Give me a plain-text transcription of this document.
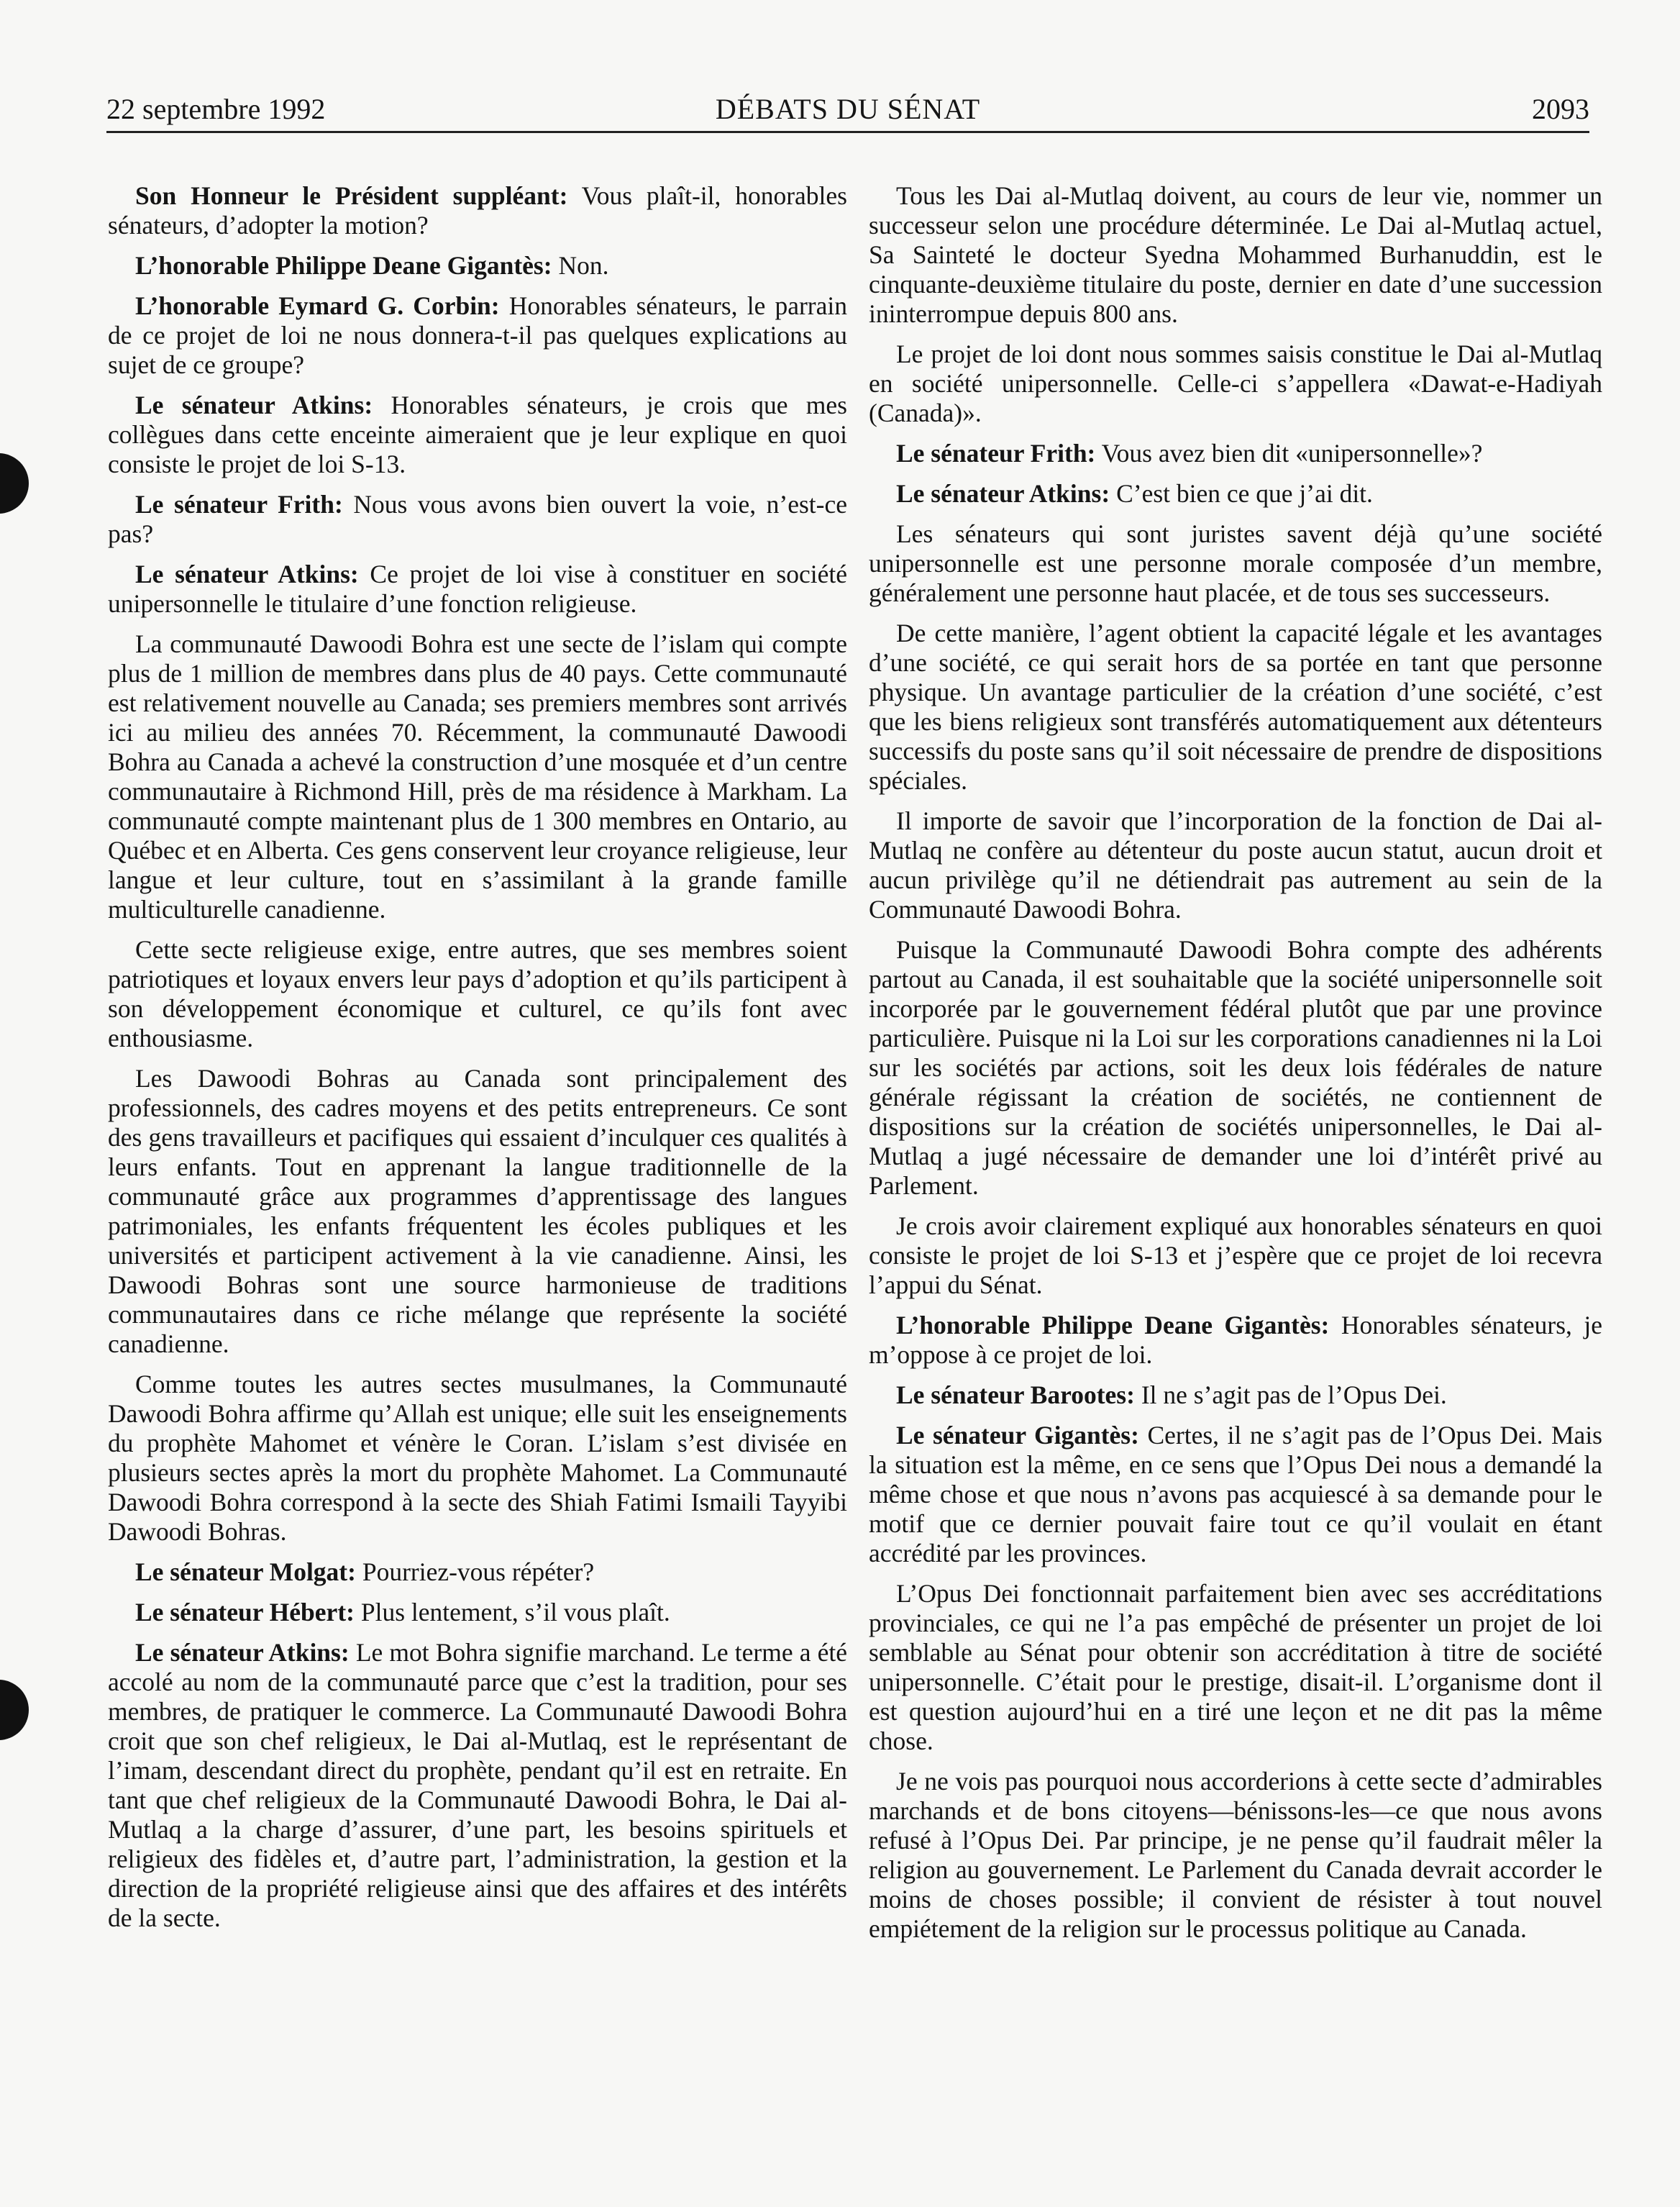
22 septembre 1992	DÉBATS DU SÉNAT	2093

Son Honneur le Président suppléant: Vous plaît-il, honorables sénateurs, d’adopter la motion?

L’honorable Philippe Deane Gigantès: Non.

L’honorable Eymard G. Corbin: Honorables sénateurs, le parrain de ce projet de loi ne nous donnera-t-il pas quelques explications au sujet de ce groupe?

Le sénateur Atkins: Honorables sénateurs, je crois que mes collègues dans cette enceinte aimeraient que je leur explique en quoi consiste le projet de loi S-13.

Le sénateur Frith: Nous vous avons bien ouvert la voie, n’est-ce pas?

Le sénateur Atkins: Ce projet de loi vise à constituer en société unipersonnelle le titulaire d’une fonction religieuse.

La communauté Dawoodi Bohra est une secte de l’islam qui compte plus de 1 million de membres dans plus de 40 pays. Cette communauté est relativement nouvelle au Canada; ses premiers membres sont arrivés ici au milieu des années 70. Récemment, la communauté Dawoodi Bohra au Canada a achevé la construction d’une mosquée et d’un centre communautaire à Richmond Hill, près de ma résidence à Markham. La communauté compte maintenant plus de 1 300 membres en Ontario, au Québec et en Alberta. Ces gens conservent leur croyance religieuse, leur langue et leur culture, tout en s’assimilant à la grande famille multiculturelle canadienne.

Cette secte religieuse exige, entre autres, que ses membres soient patriotiques et loyaux envers leur pays d’adoption et qu’ils participent à son développement économique et culturel, ce qu’ils font avec enthousiasme.

Les Dawoodi Bohras au Canada sont principalement des professionnels, des cadres moyens et des petits entrepreneurs. Ce sont des gens travailleurs et pacifiques qui essaient d’inculquer ces qualités à leurs enfants. Tout en apprenant la langue traditionnelle de la communauté grâce aux programmes d’apprentissage des langues patrimoniales, les enfants fréquentent les écoles publiques et les universités et participent activement à la vie canadienne. Ainsi, les Dawoodi Bohras sont une source harmonieuse de traditions communautaires dans ce riche mélange que représente la société canadienne.

Comme toutes les autres sectes musulmanes, la Communauté Dawoodi Bohra affirme qu’Allah est unique; elle suit les enseignements du prophète Mahomet et vénère le Coran. L’islam s’est divisée en plusieurs sectes après la mort du prophète Mahomet. La Communauté Dawoodi Bohra correspond à la secte des Shiah Fatimi Ismaili Tayyibi Dawoodi Bohras.

Le sénateur Molgat: Pourriez-vous répéter?

Le sénateur Hébert: Plus lentement, s’il vous plaît.

Le sénateur Atkins: Le mot Bohra signifie marchand. Le terme a été accolé au nom de la communauté parce que c’est la tradition, pour ses membres, de pratiquer le commerce. La Communauté Dawoodi Bohra croit que son chef religieux, le Dai al-Mutlaq, est le représentant de l’imam, descendant direct du prophète, pendant qu’il est en retraite. En tant que chef religieux de la Communauté Dawoodi Bohra, le Dai al-Mutlaq a la charge d’assurer, d’une part, les besoins spirituels et religieux des fidèles et, d’autre part, l’administration, la gestion et la direction de la propriété religieuse ainsi que des affaires et des intérêts de la secte.

Tous les Dai al-Mutlaq doivent, au cours de leur vie, nommer un successeur selon une procédure déterminée. Le Dai al-Mutlaq actuel, Sa Sainteté le docteur Syedna Mohammed Burhanuddin, est le cinquante-deuxième titulaire du poste, dernier en date d’une succession ininterrompue depuis 800 ans.

Le projet de loi dont nous sommes saisis constitue le Dai al-Mutlaq en société unipersonnelle. Celle-ci s’appellera «Dawat-e-Hadiyah (Canada)».

Le sénateur Frith: Vous avez bien dit «unipersonnelle»?

Le sénateur Atkins: C’est bien ce que j’ai dit.

Les sénateurs qui sont juristes savent déjà qu’une société unipersonnelle est une personne morale composée d’un membre, généralement une personne haut placée, et de tous ses successeurs.

De cette manière, l’agent obtient la capacité légale et les avantages d’une société, ce qui serait hors de sa portée en tant que personne physique. Un avantage particulier de la création d’une société, c’est que les biens religieux sont transférés automatiquement aux détenteurs successifs du poste sans qu’il soit nécessaire de prendre de dispositions spéciales.

Il importe de savoir que l’incorporation de la fonction de Dai al-Mutlaq ne confère au détenteur du poste aucun statut, aucun droit et aucun privilège qu’il ne détiendrait pas autrement au sein de la Communauté Dawoodi Bohra.

Puisque la Communauté Dawoodi Bohra compte des adhérents partout au Canada, il est souhaitable que la société unipersonnelle soit incorporée par le gouvernement fédéral plutôt que par une province particulière. Puisque ni la Loi sur les corporations canadiennes ni la Loi sur les sociétés par actions, soit les deux lois fédérales de nature générale régissant la création de sociétés, ne contiennent de dispositions sur la création de sociétés unipersonnelles, le Dai al-Mutlaq a jugé nécessaire de demander une loi d’intérêt privé au Parlement.

Je crois avoir clairement expliqué aux honorables sénateurs en quoi consiste le projet de loi S-13 et j’espère que ce projet de loi recevra l’appui du Sénat.

L’honorable Philippe Deane Gigantès: Honorables sénateurs, je m’oppose à ce projet de loi.

Le sénateur Barootes: Il ne s’agit pas de l’Opus Dei.

Le sénateur Gigantès: Certes, il ne s’agit pas de l’Opus Dei. Mais la situation est la même, en ce sens que l’Opus Dei nous a demandé la même chose et que nous n’avons pas acquiescé à sa demande pour le motif que ce dernier pouvait faire tout ce qu’il voulait en étant accrédité par les provinces.

L’Opus Dei fonctionnait parfaitement bien avec ses accréditations provinciales, ce qui ne l’a pas empêché de présenter un projet de loi semblable au Sénat pour obtenir son accréditation à titre de société unipersonnelle. C’était pour le prestige, disait-il. L’organisme dont il est question aujourd’hui en a tiré une leçon et ne dit pas la même chose.

Je ne vois pas pourquoi nous accorderions à cette secte d’admirables marchands et de bons citoyens—bénissons-les—ce que nous avons refusé à l’Opus Dei. Par principe, je ne pense qu’il faudrait mêler la religion au gouvernement. Le Parlement du Canada devrait accorder le moins de choses possible; il convient de résister à tout nouvel empiétement de la religion sur le processus politique au Canada.
